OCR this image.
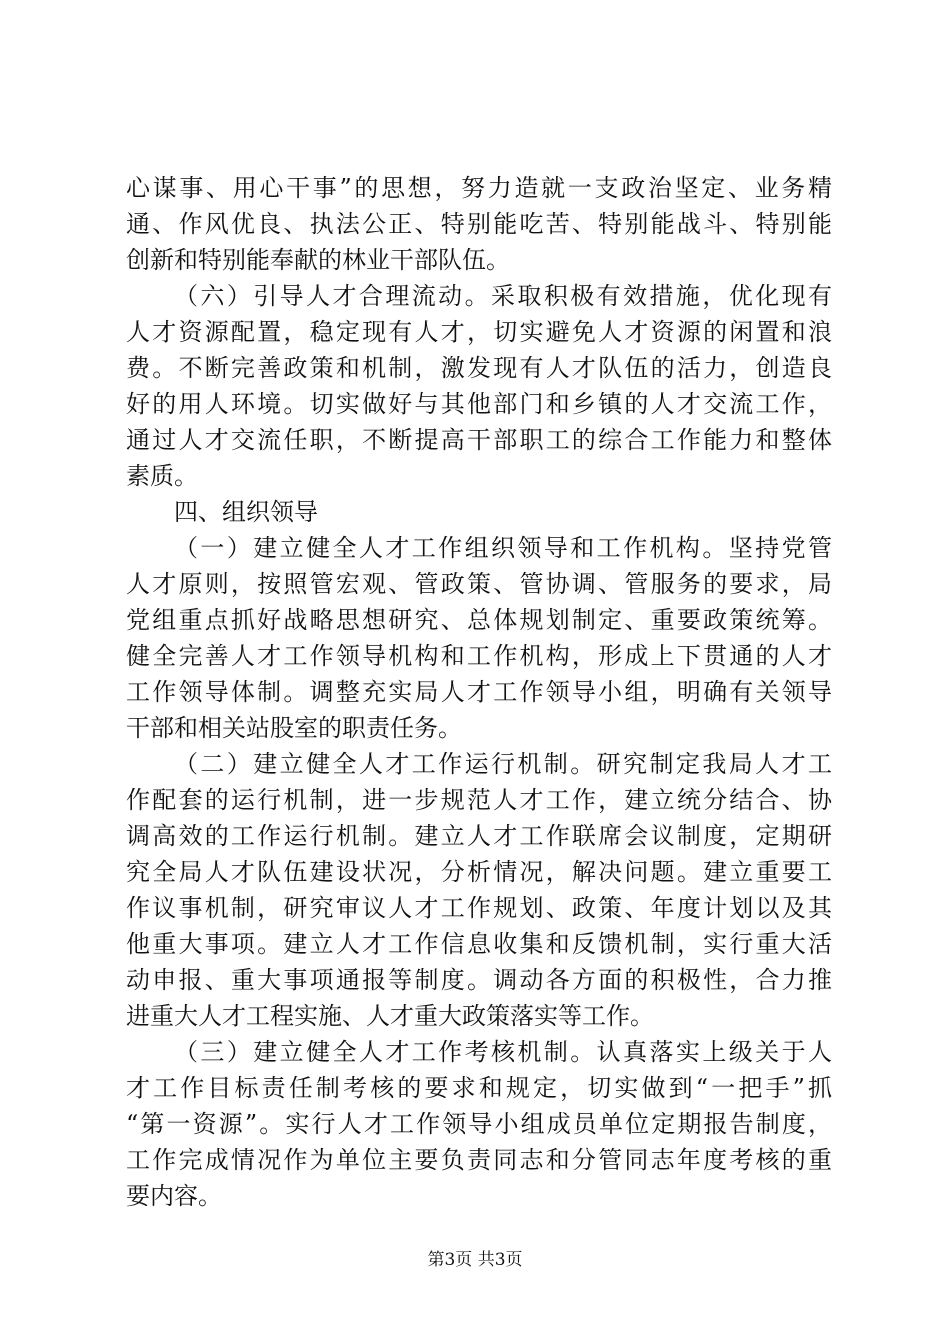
心谋事、用心干事”的思想，努力造就一支政治坚定、业务精
通、作风优良、执法公正、特别能吃苦、特别能战斗、特别能
创新和特别能奉献的林业干部队伍。
（六）引导人才合理流动。采取积极有效措施，优化现有
人才资源配置，稳定现有人才，切实避免人才资源的闲置和浪
费。不断完善政策和机制，激发现有人才队伍的活力，创造良
好的用人环境。切实做好与其他部门和乡镇的人才交流工作，
通过人才交流任职，不断提高干部职工的综合工作能力和整体
素质。
四、组织领导
（一）建立健全人才工作组织领导和工作机构。坚持党管
人才原则，按照管宏观、管政策、管协调、管服务的要求，局
党组重点抓好战略思想研究、总体规划制定、重要政策统筹。
健全完善人才工作领导机构和工作机构，形成上下贯通的人才
工作领导体制。调整充实局人才工作领导小组，明确有关领导
干部和相关站股室的职责任务。
（二）建立健全人才工作运行机制。研究制定我局人才工
作配套的运行机制，进一步规范人才工作，建立统分结合、协
调高效的工作运行机制。建立人才工作联席会议制度，定期研
究全局人才队伍建设状况，分析情况，解决问题。建立重要工
作议事机制，研究审议人才工作规划、政策、年度计划以及其
他重大事项。建立人才工作信息收集和反馈机制，实行重大活
动申报、重大事项通报等制度。调动各方面的积极性，合力推
进重大人才工程实施、人才重大政策落实等工作。
（三）建立健全人才工作考核机制。认真落实上级关于人
才工作目标责任制考核的要求和规定，切实做到“一把手”抓
“第一资源”。实行人才工作领导小组成员单位定期报告制度，
工作完成情况作为单位主要负责同志和分管同志年度考核的重
要内容。
第3页 共3页
